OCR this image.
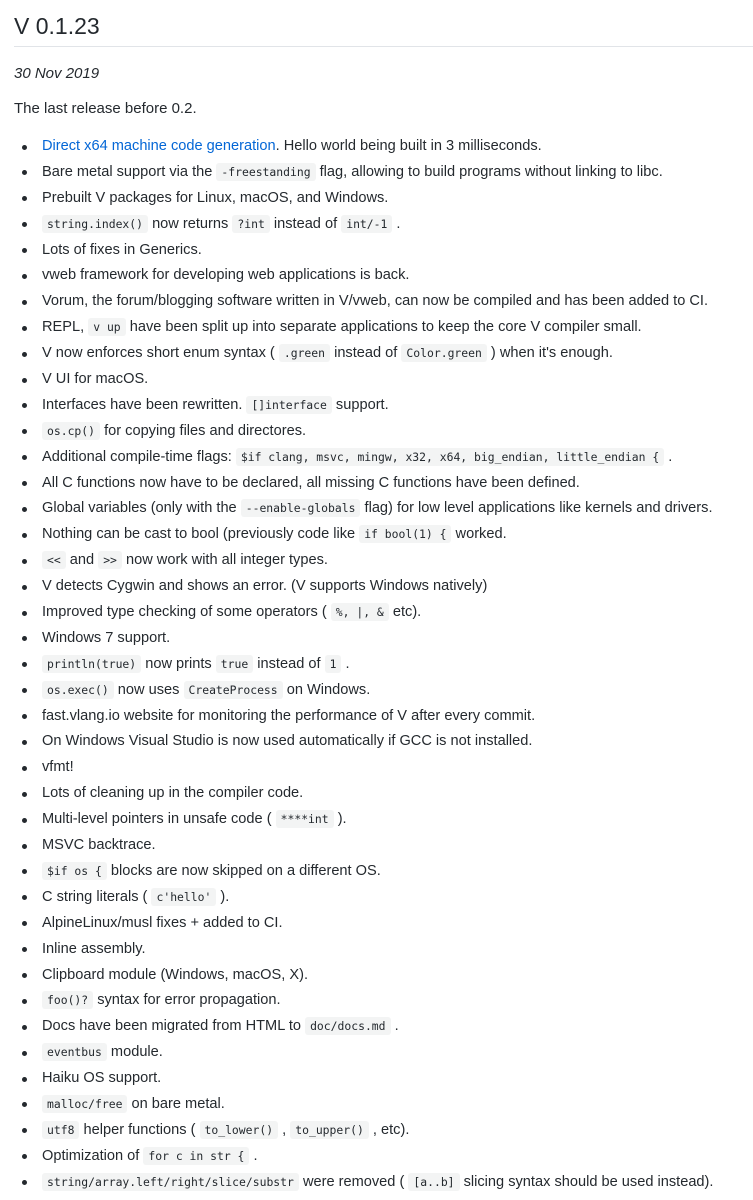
V 0.1.23

30 Nov 2019

The last release before 0.2.

Direct x64 machine code generation. Hello world being built in 3 milliseconds.
Bare metal support via the -freestanding flag, allowing to build programs without linking to libc.
Prebuilt V packages for Linux, macOS, and Windows.
string.index() now returns ?int instead of int/-1 .
Lots of fixes in Generics.
vweb framework for developing web applications is back.
Vorum, the forum/blogging software written in V/vweb, can now be compiled and has been added to CI.
REPL, v up have been split up into separate applications to keep the core V compiler small.
V now enforces short enum syntax ( .green instead of Color.green ) when it's enough.
V UI for macOS.
Interfaces have been rewritten. []interface support.
os.cp() for copying files and directores.
Additional compile-time flags: $if clang, msvc, mingw, x32, x64, big_endian, little_endian { .
All C functions now have to be declared, all missing C functions have been defined.
Global variables (only with the --enable-globals flag) for low level applications like kernels and drivers.
Nothing can be cast to bool (previously code like if bool(1) { worked.
<< and >> now work with all integer types.
V detects Cygwin and shows an error. (V supports Windows natively)
Improved type checking of some operators ( %, |, & etc).
Windows 7 support.
println(true) now prints true instead of 1 .
os.exec() now uses CreateProcess on Windows.
fast.vlang.io website for monitoring the performance of V after every commit.
On Windows Visual Studio is now used automatically if GCC is not installed.
vfmt!
Lots of cleaning up in the compiler code.
Multi-level pointers in unsafe code ( ****int ).
MSVC backtrace.
$if os { blocks are now skipped on a different OS.
C string literals ( c'hello' ).
AlpineLinux/musl fixes + added to CI.
Inline assembly.
Clipboard module (Windows, macOS, X).
foo()? syntax for error propagation.
Docs have been migrated from HTML to doc/docs.md .
eventbus module.
Haiku OS support.
malloc/free on bare metal.
utf8 helper functions ( to_lower() , to_upper() , etc).
Optimization of for c in str { .
string/array.left/right/slice/substr were removed ( [a..b] slicing syntax should be used instead).
